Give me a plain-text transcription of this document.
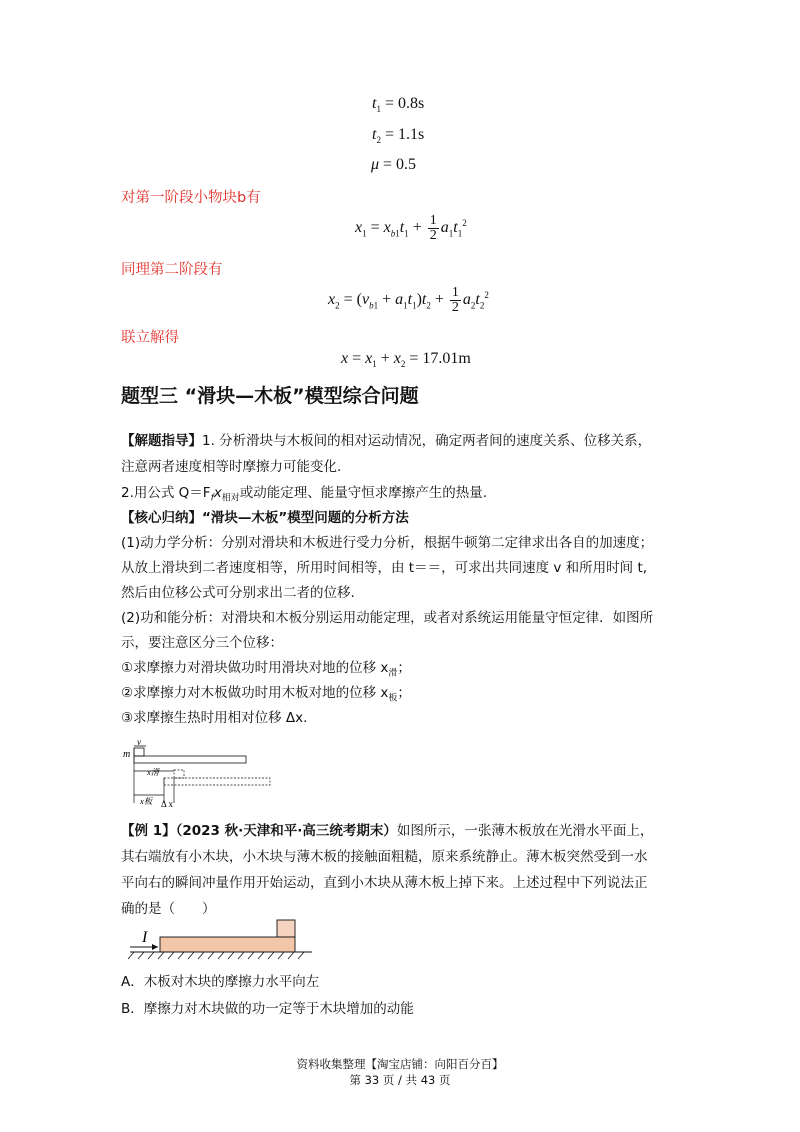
$t_1 = 0.8s$
$t_2 = 1.1s$
μ = 0.5
对第一阶段小物块b有
$x_1 = x_{b1}t_1 + \frac{1}{2} a_1t_1^2$
同理第二阶段有
$x_2 = (v_{b1} + a_1t_1)t_2 + \frac{1}{2} a_2t_2^2$
联立解得
$x = x_1 + x_2 = 17.01m$
题型三 “滑块—木板”模型综合问题
【解题指导】1. 分析滑块与木板间的相对运动情况，确定两者间的速度关系、位移关系，
注意两者速度相等时摩擦力可能变化.
2.用公式 $Q=F_fx_{相对}$或动能定理、能量守恒求摩擦产生的热量.
【核心归纳】“滑块—木板”模型问题的分析方法
(1)动力学分析：分别对滑块和木板进行受力分析，根据牛顿第二定律求出各自的加速度；
从放上滑块到二者速度相等，所用时间相等，由 t＝＝，可求出共同速度 v 和所用时间 t,
然后由位移公式可分别求出二者的位移.
(2)功和能分析：对滑块和木板分别运用动能定理，或者对系统运用能量守恒定律．如图所
示，要注意区分三个位移：
①求摩擦力对滑块做功时用滑块对地的位移 $x_滑$；
②求摩擦力对木板做功时用木板对地的位移 $x_板$；
③求摩擦生热时用相对位移 Δx.
v
m
x滑
x板 Δ x
【例 1】（2023 秋·天津和平·高三统考期末）如图所示，一张薄木板放在光滑水平面上，
其右端放有小木块，小木块与薄木板的接触面粗糙，原来系统静止。薄木板突然受到一水
平向右的瞬间冲量作用开始运动，直到小木块从薄木板上掉下来。上述过程中下列说法正
确的是（　　）
I
A．木板对木块的摩擦力水平向左
B．摩擦力对木块做的功一定等于木块增加的动能
资料收集整理【淘宝店铺：向阳百分百】
第 33 页 / 共 43 页
